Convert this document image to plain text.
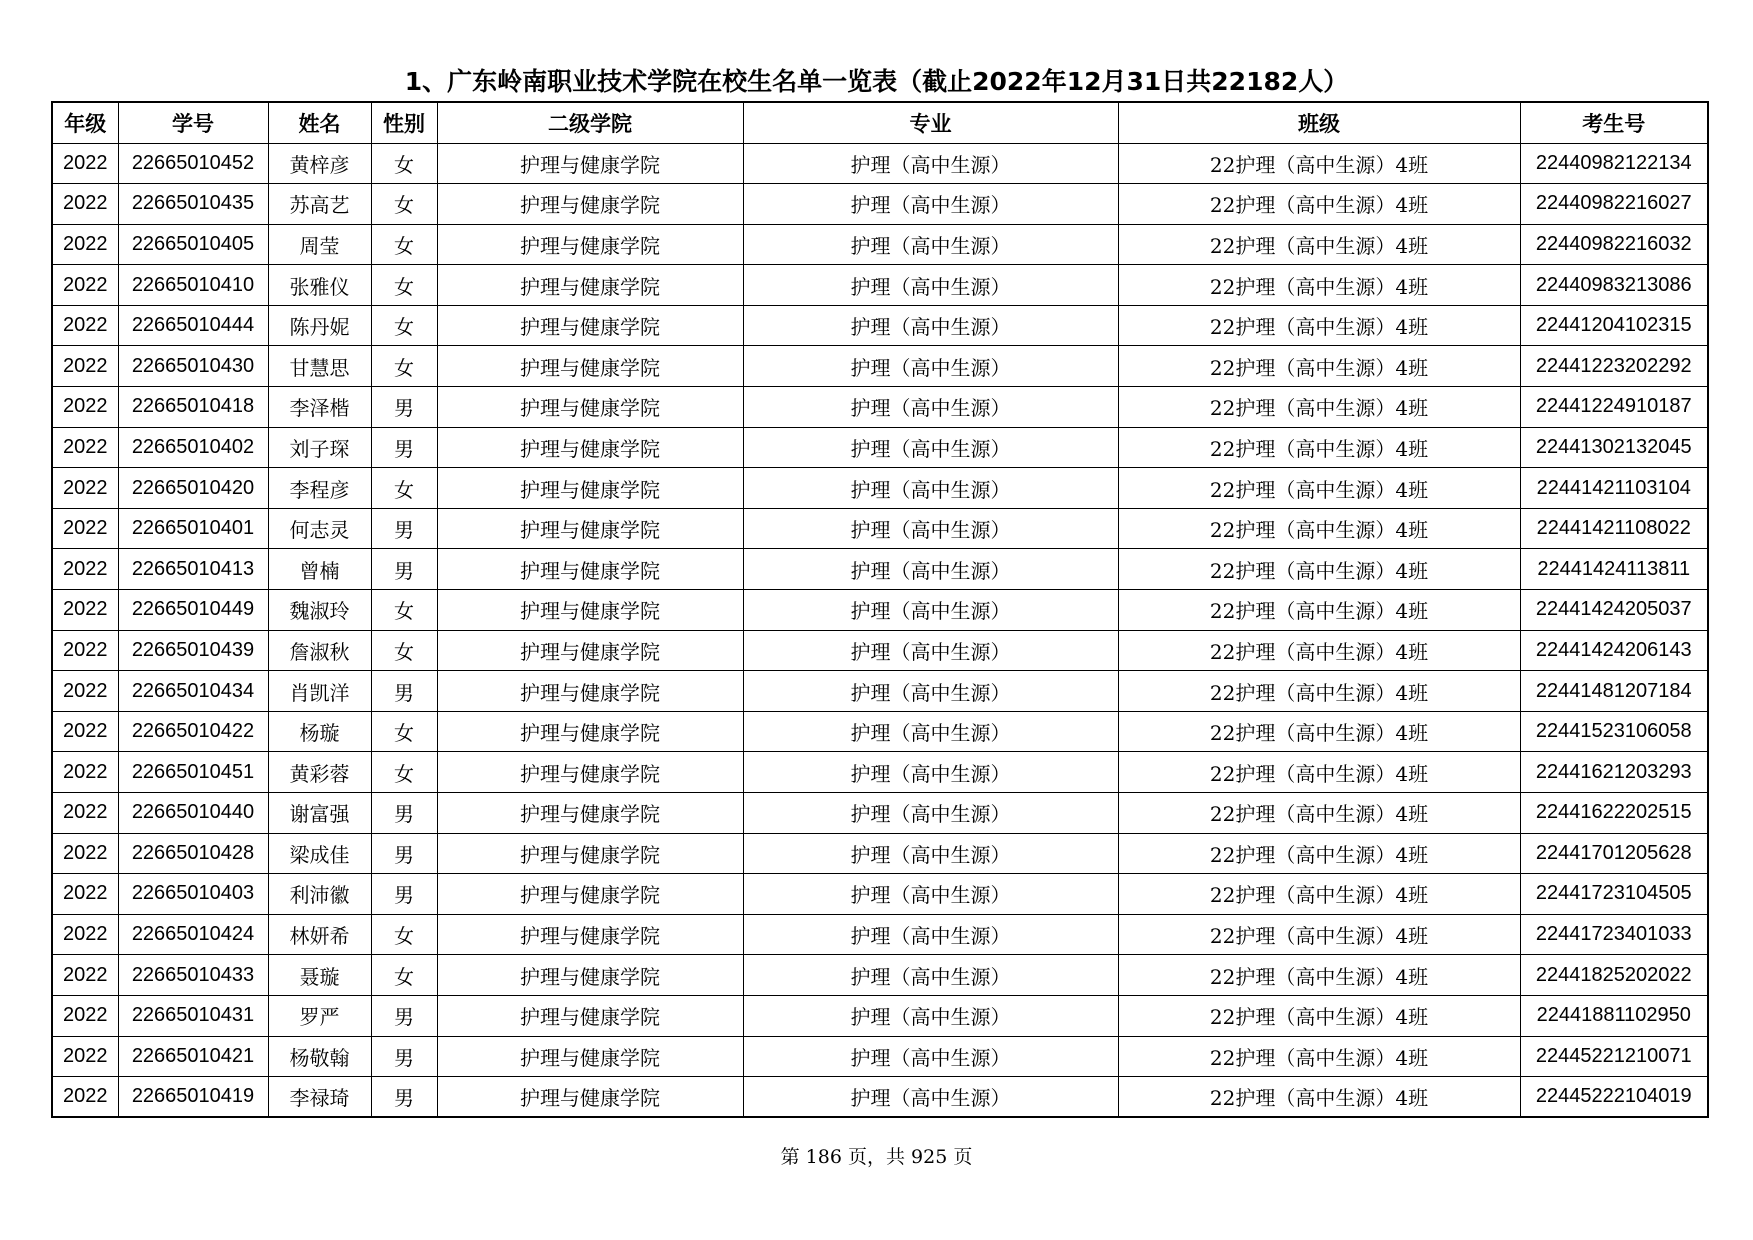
1、广东岭南职业技术学院在校生名单一览表（截止2022年12月31日共22182人）
年级	学号	姓名	性别	二级学院	专业	班级	考生号
2022	22665010452	黄梓彦	女	护理与健康学院	护理（高中生源）	22护理（高中生源）4班	22440982122134
2022	22665010435	苏高艺	女	护理与健康学院	护理（高中生源）	22护理（高中生源）4班	22440982216027
2022	22665010405	周莹	女	护理与健康学院	护理（高中生源）	22护理（高中生源）4班	22440982216032
2022	22665010410	张雅仪	女	护理与健康学院	护理（高中生源）	22护理（高中生源）4班	22440983213086
2022	22665010444	陈丹妮	女	护理与健康学院	护理（高中生源）	22护理（高中生源）4班	22441204102315
2022	22665010430	甘慧思	女	护理与健康学院	护理（高中生源）	22护理（高中生源）4班	22441223202292
2022	22665010418	李泽楷	男	护理与健康学院	护理（高中生源）	22护理（高中生源）4班	22441224910187
2022	22665010402	刘子琛	男	护理与健康学院	护理（高中生源）	22护理（高中生源）4班	22441302132045
2022	22665010420	李程彦	女	护理与健康学院	护理（高中生源）	22护理（高中生源）4班	22441421103104
2022	22665010401	何志灵	男	护理与健康学院	护理（高中生源）	22护理（高中生源）4班	22441421108022
2022	22665010413	曾楠	男	护理与健康学院	护理（高中生源）	22护理（高中生源）4班	22441424113811
2022	22665010449	魏淑玲	女	护理与健康学院	护理（高中生源）	22护理（高中生源）4班	22441424205037
2022	22665010439	詹淑秋	女	护理与健康学院	护理（高中生源）	22护理（高中生源）4班	22441424206143
2022	22665010434	肖凯洋	男	护理与健康学院	护理（高中生源）	22护理（高中生源）4班	22441481207184
2022	22665010422	杨璇	女	护理与健康学院	护理（高中生源）	22护理（高中生源）4班	22441523106058
2022	22665010451	黄彩蓉	女	护理与健康学院	护理（高中生源）	22护理（高中生源）4班	22441621203293
2022	22665010440	谢富强	男	护理与健康学院	护理（高中生源）	22护理（高中生源）4班	22441622202515
2022	22665010428	梁成佳	男	护理与健康学院	护理（高中生源）	22护理（高中生源）4班	22441701205628
2022	22665010403	利沛徽	男	护理与健康学院	护理（高中生源）	22护理（高中生源）4班	22441723104505
2022	22665010424	林妍希	女	护理与健康学院	护理（高中生源）	22护理（高中生源）4班	22441723401033
2022	22665010433	聂璇	女	护理与健康学院	护理（高中生源）	22护理（高中生源）4班	22441825202022
2022	22665010431	罗严	男	护理与健康学院	护理（高中生源）	22护理（高中生源）4班	22441881102950
2022	22665010421	杨敬翰	男	护理与健康学院	护理（高中生源）	22护理（高中生源）4班	22445221210071
2022	22665010419	李禄琦	男	护理与健康学院	护理（高中生源）	22护理（高中生源）4班	22445222104019
第 186 页，共 925 页
